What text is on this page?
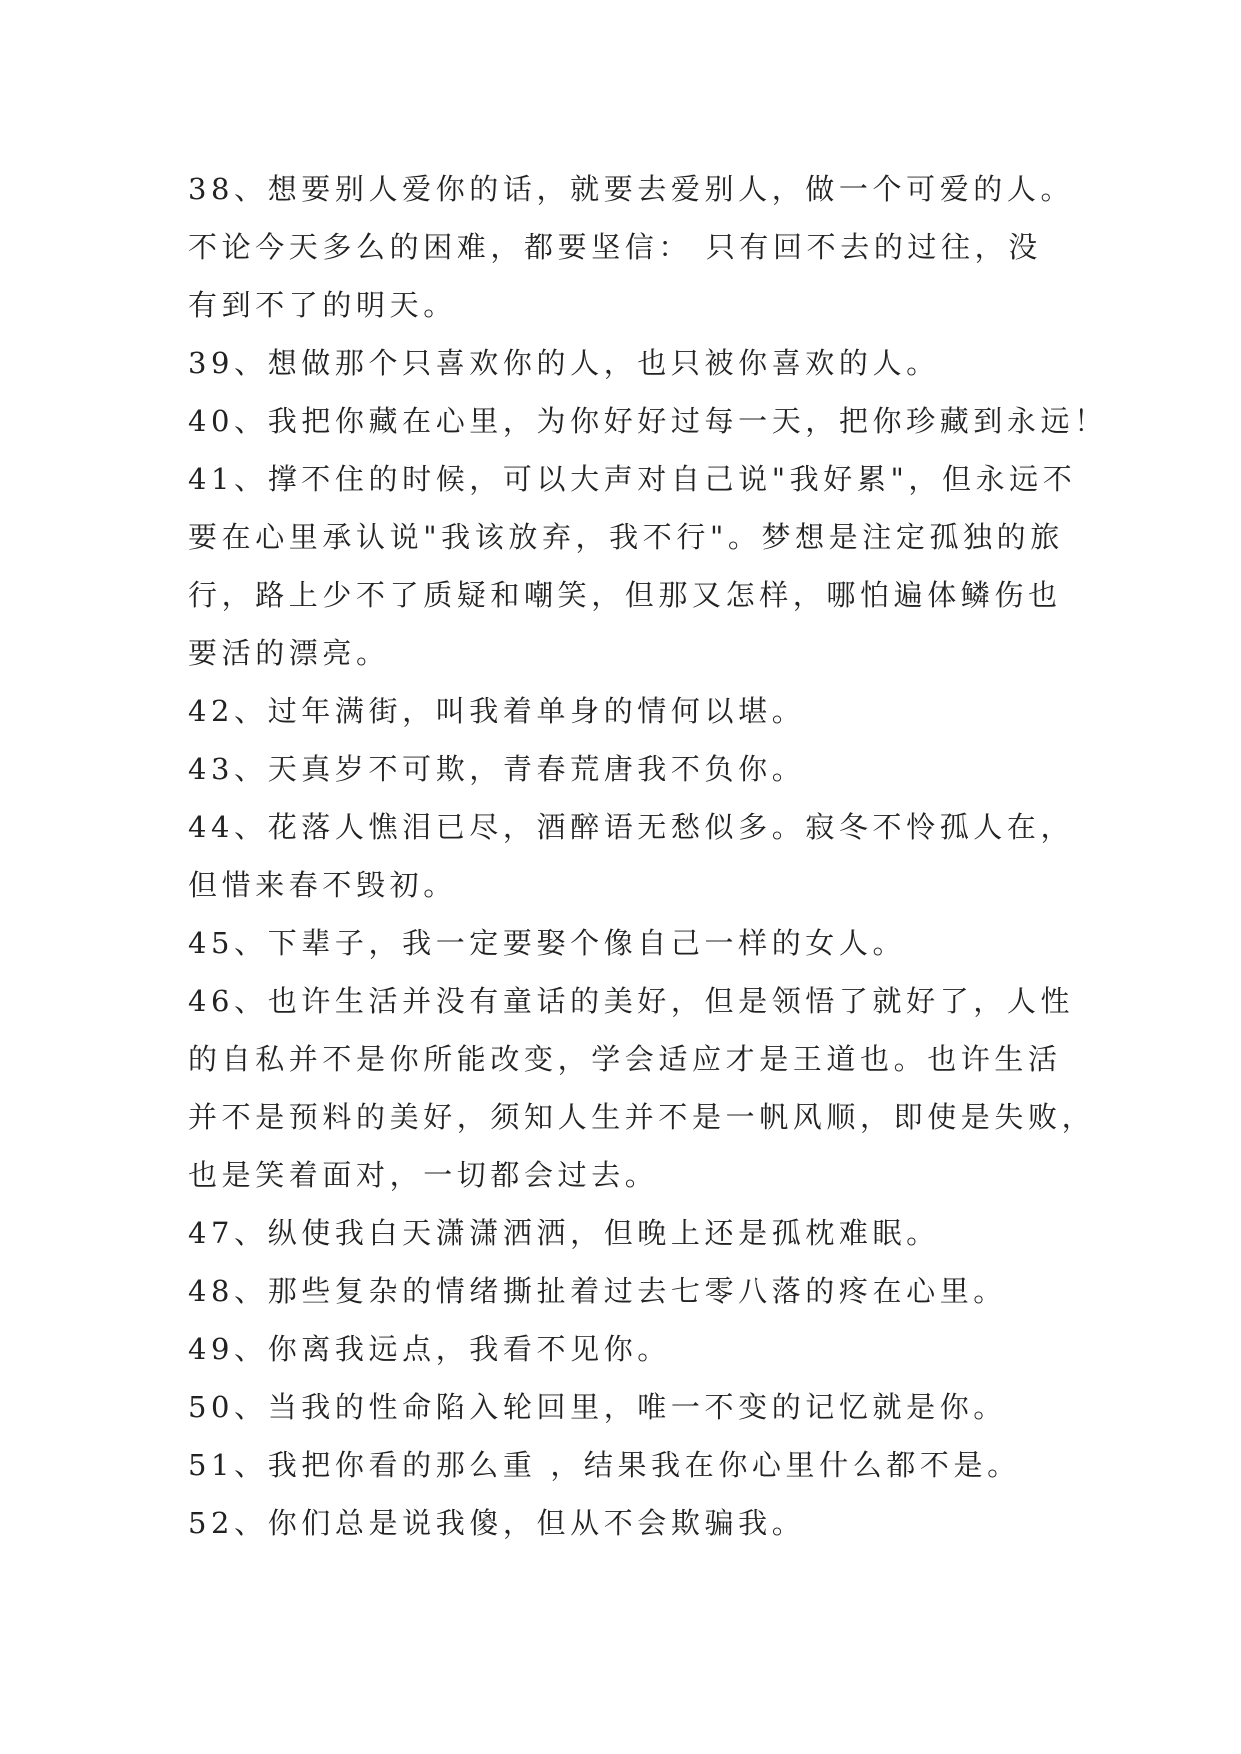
38、想要别人爱你的话，就要去爱别人，做一个可爱的人。
不论今天多么的困难，都要坚信： 只有回不去的过往，没
有到不了的明天。
39、想做那个只喜欢你的人，也只被你喜欢的人。
40、我把你藏在心里，为你好好过每一天，把你珍藏到永远！
41、撑不住的时候，可以大声对自己说"我好累"，但永远不
要在心里承认说"我该放弃，我不行"。梦想是注定孤独的旅
行，路上少不了质疑和嘲笑，但那又怎样，哪怕遍体鳞伤也
要活的漂亮。
42、过年满街，叫我着单身的情何以堪。
43、天真岁不可欺，青春荒唐我不负你。
44、花落人憔泪已尽，酒醉语无愁似多。寂冬不怜孤人在，
但惜来春不毁初。
45、下辈子，我一定要娶个像自己一样的女人。
46、也许生活并没有童话的美好，但是领悟了就好了，人性
的自私并不是你所能改变，学会适应才是王道也。也许生活
并不是预料的美好，须知人生并不是一帆风顺，即使是失败，
也是笑着面对，一切都会过去。
47、纵使我白天潇潇洒洒，但晚上还是孤枕难眠。
48、那些复杂的情绪撕扯着过去七零八落的疼在心里。
49、你离我远点，我看不见你。
50、当我的性命陷入轮回里，唯一不变的记忆就是你。
51、我把你看的那么重 ，结果我在你心里什么都不是。
52、你们总是说我傻，但从不会欺骗我。
